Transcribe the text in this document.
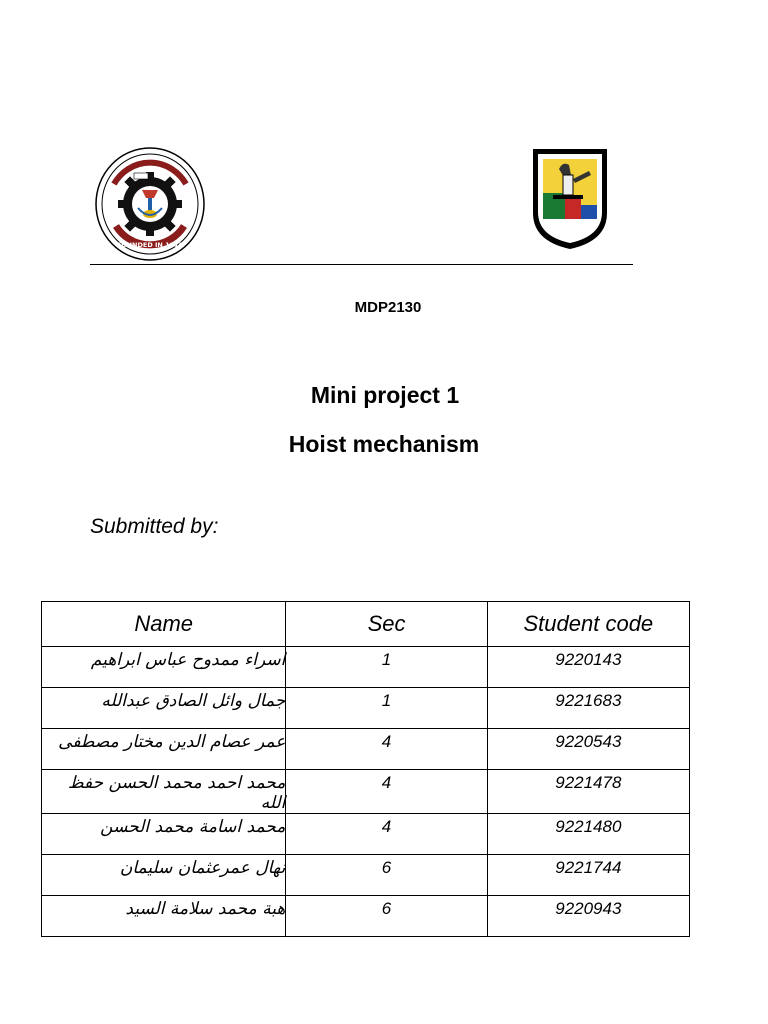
FOUNDED IN 1816
MDP2130
Mini project 1
Hoist mechanism
Submitted by:
Name	Sec	Student code
اسراء ممدوح عباس ابراهيم	1	9220143
جمال وائل الصادق عبدالله	1	9221683
عمر عصام الدين مختار مصطفى	4	9220543
محمد احمد محمد الحسن حفظ الله	4	9221478
محمد اسامة محمد الحسن	4	9221480
نهال عمرعثمان سليمان	6	9221744
هبة محمد سلامة السيد	6	9220943
